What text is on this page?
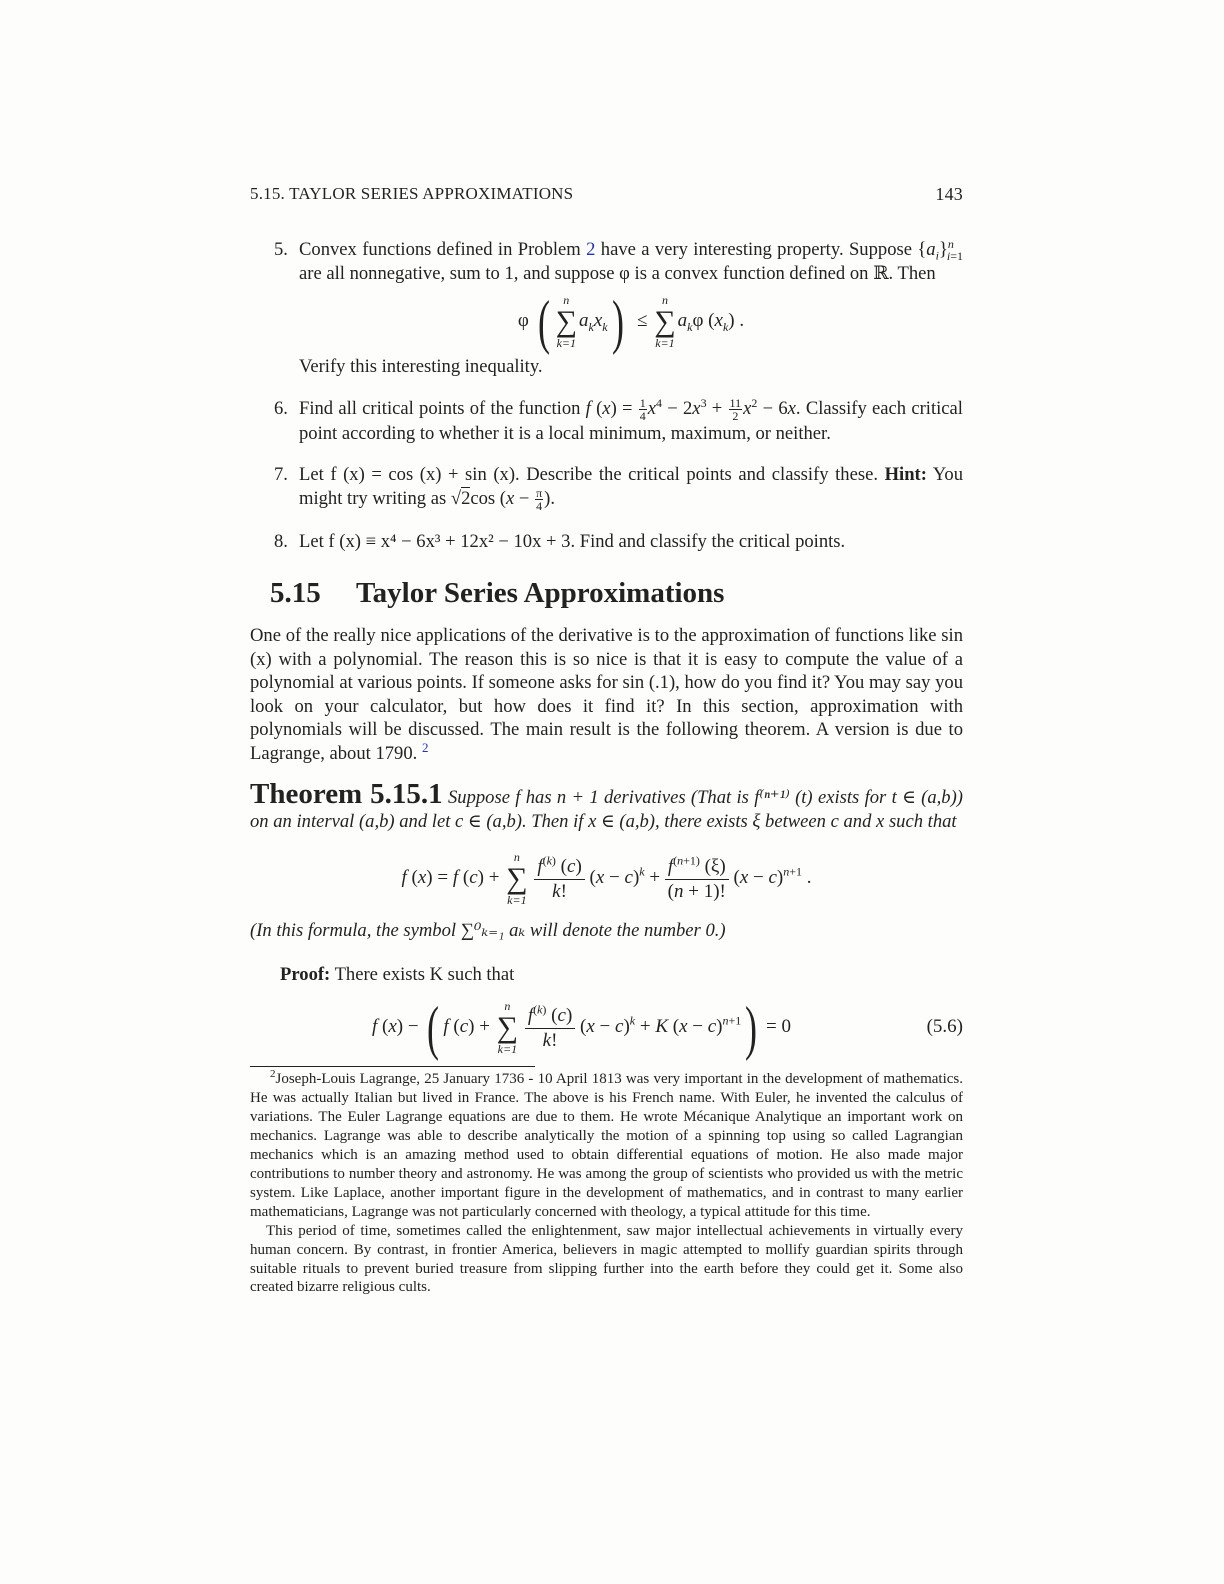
5.15. TAYLOR SERIES APPROXIMATIONS	143
5. Convex functions defined in Problem 2 have a very interesting property. Suppose $\{a_i\}^n_{i=1}$ are all nonnegative, sum to 1, and suppose φ is a convex function defined on ℝ. Then
φ (	n
∑
k=1
$a_kx_k$)  ≤
n
∑
k=1
$a_k\varphi$ $(x_k)$ .
Verify this interesting inequality.
6. Find all critical points of the function f $(x) = \frac{1}{4} x^4 - 2x^3 + \frac{11}{2} x^2 - 6x$. Classify each critical point according to whether it is a local minimum, maximum, or neither.
7. Let f (x) = cos (x) + sin (x). Describe the critical points and classify these. Hint: You might try writing as √2cos ($x - \frac{\pi}{4}$ ).
8. Let f (x) ≡ x⁴ − 6x³ + 12x² − 10x + 3. Find and classify the critical points.
5.15 Taylor Series Approximations
One of the really nice applications of the derivative is to the approximation of functions like sin (x) with a polynomial. The reason this is so nice is that it is easy to compute the value of a polynomial at various points. If someone asks for sin (.1), how do you find it? You may say you look on your calculator, but how does it find it? In this section, approximation with polynomials will be discussed. The main result is the following theorem. A version is due to Lagrange, about 1790. $^2$
Theorem 5.15.1 Suppose f has n + 1 derivatives (That is f⁽ⁿ⁺¹⁾ (t) exists for t ∈ (a,b)) on an interval (a,b) and let c ∈ (a,b). Then if x ∈ (a,b), there exists ξ between c and x such that
f (x) = f (c) +
n
∑
k=1
$\frac{f^{(k)} (c)}{k!} (x - c)^k + \frac{f^{(n+1)} (\xi)}{(n + 1)!} (x - c)^{n+1}$ .
(In this formula, the symbol ∑⁰ₖ₌₁ aₖ will denote the number 0.)
Proof: There exists K such that
f (x) − ( f (c) +
n
∑
k=1
$\frac{f^{(k)} (c)}{k!} (x - c)^k + K$ $(x - c)^{n+1}) = 0$	(5.6)
$^2$Joseph-Louis Lagrange, 25 January 1736 - 10 April 1813 was very important in the development of mathematics. He was actually Italian but lived in France. The above is his French name. With Euler, he invented the calculus of variations. The Euler Lagrange equations are due to them. He wrote Mécanique Analytique an important work on mechanics. Lagrange was able to describe analytically the motion of a spinning top using so called Lagrangian mechanics which is an amazing method used to obtain differential equations of motion. He also made major contributions to number theory and astronomy. He was among the group of scientists who provided us with the metric system. Like Laplace, another important figure in the development of mathematics, and in contrast to many earlier mathematicians, Lagrange was not particularly concerned with theology, a typical attitude for this time.
This period of time, sometimes called the enlightenment, saw major intellectual achievements in virtually every human concern. By contrast, in frontier America, believers in magic attempted to mollify guardian spirits through suitable rituals to prevent buried treasure from slipping further into the earth before they could get it. Some also created bizarre religious cults.
